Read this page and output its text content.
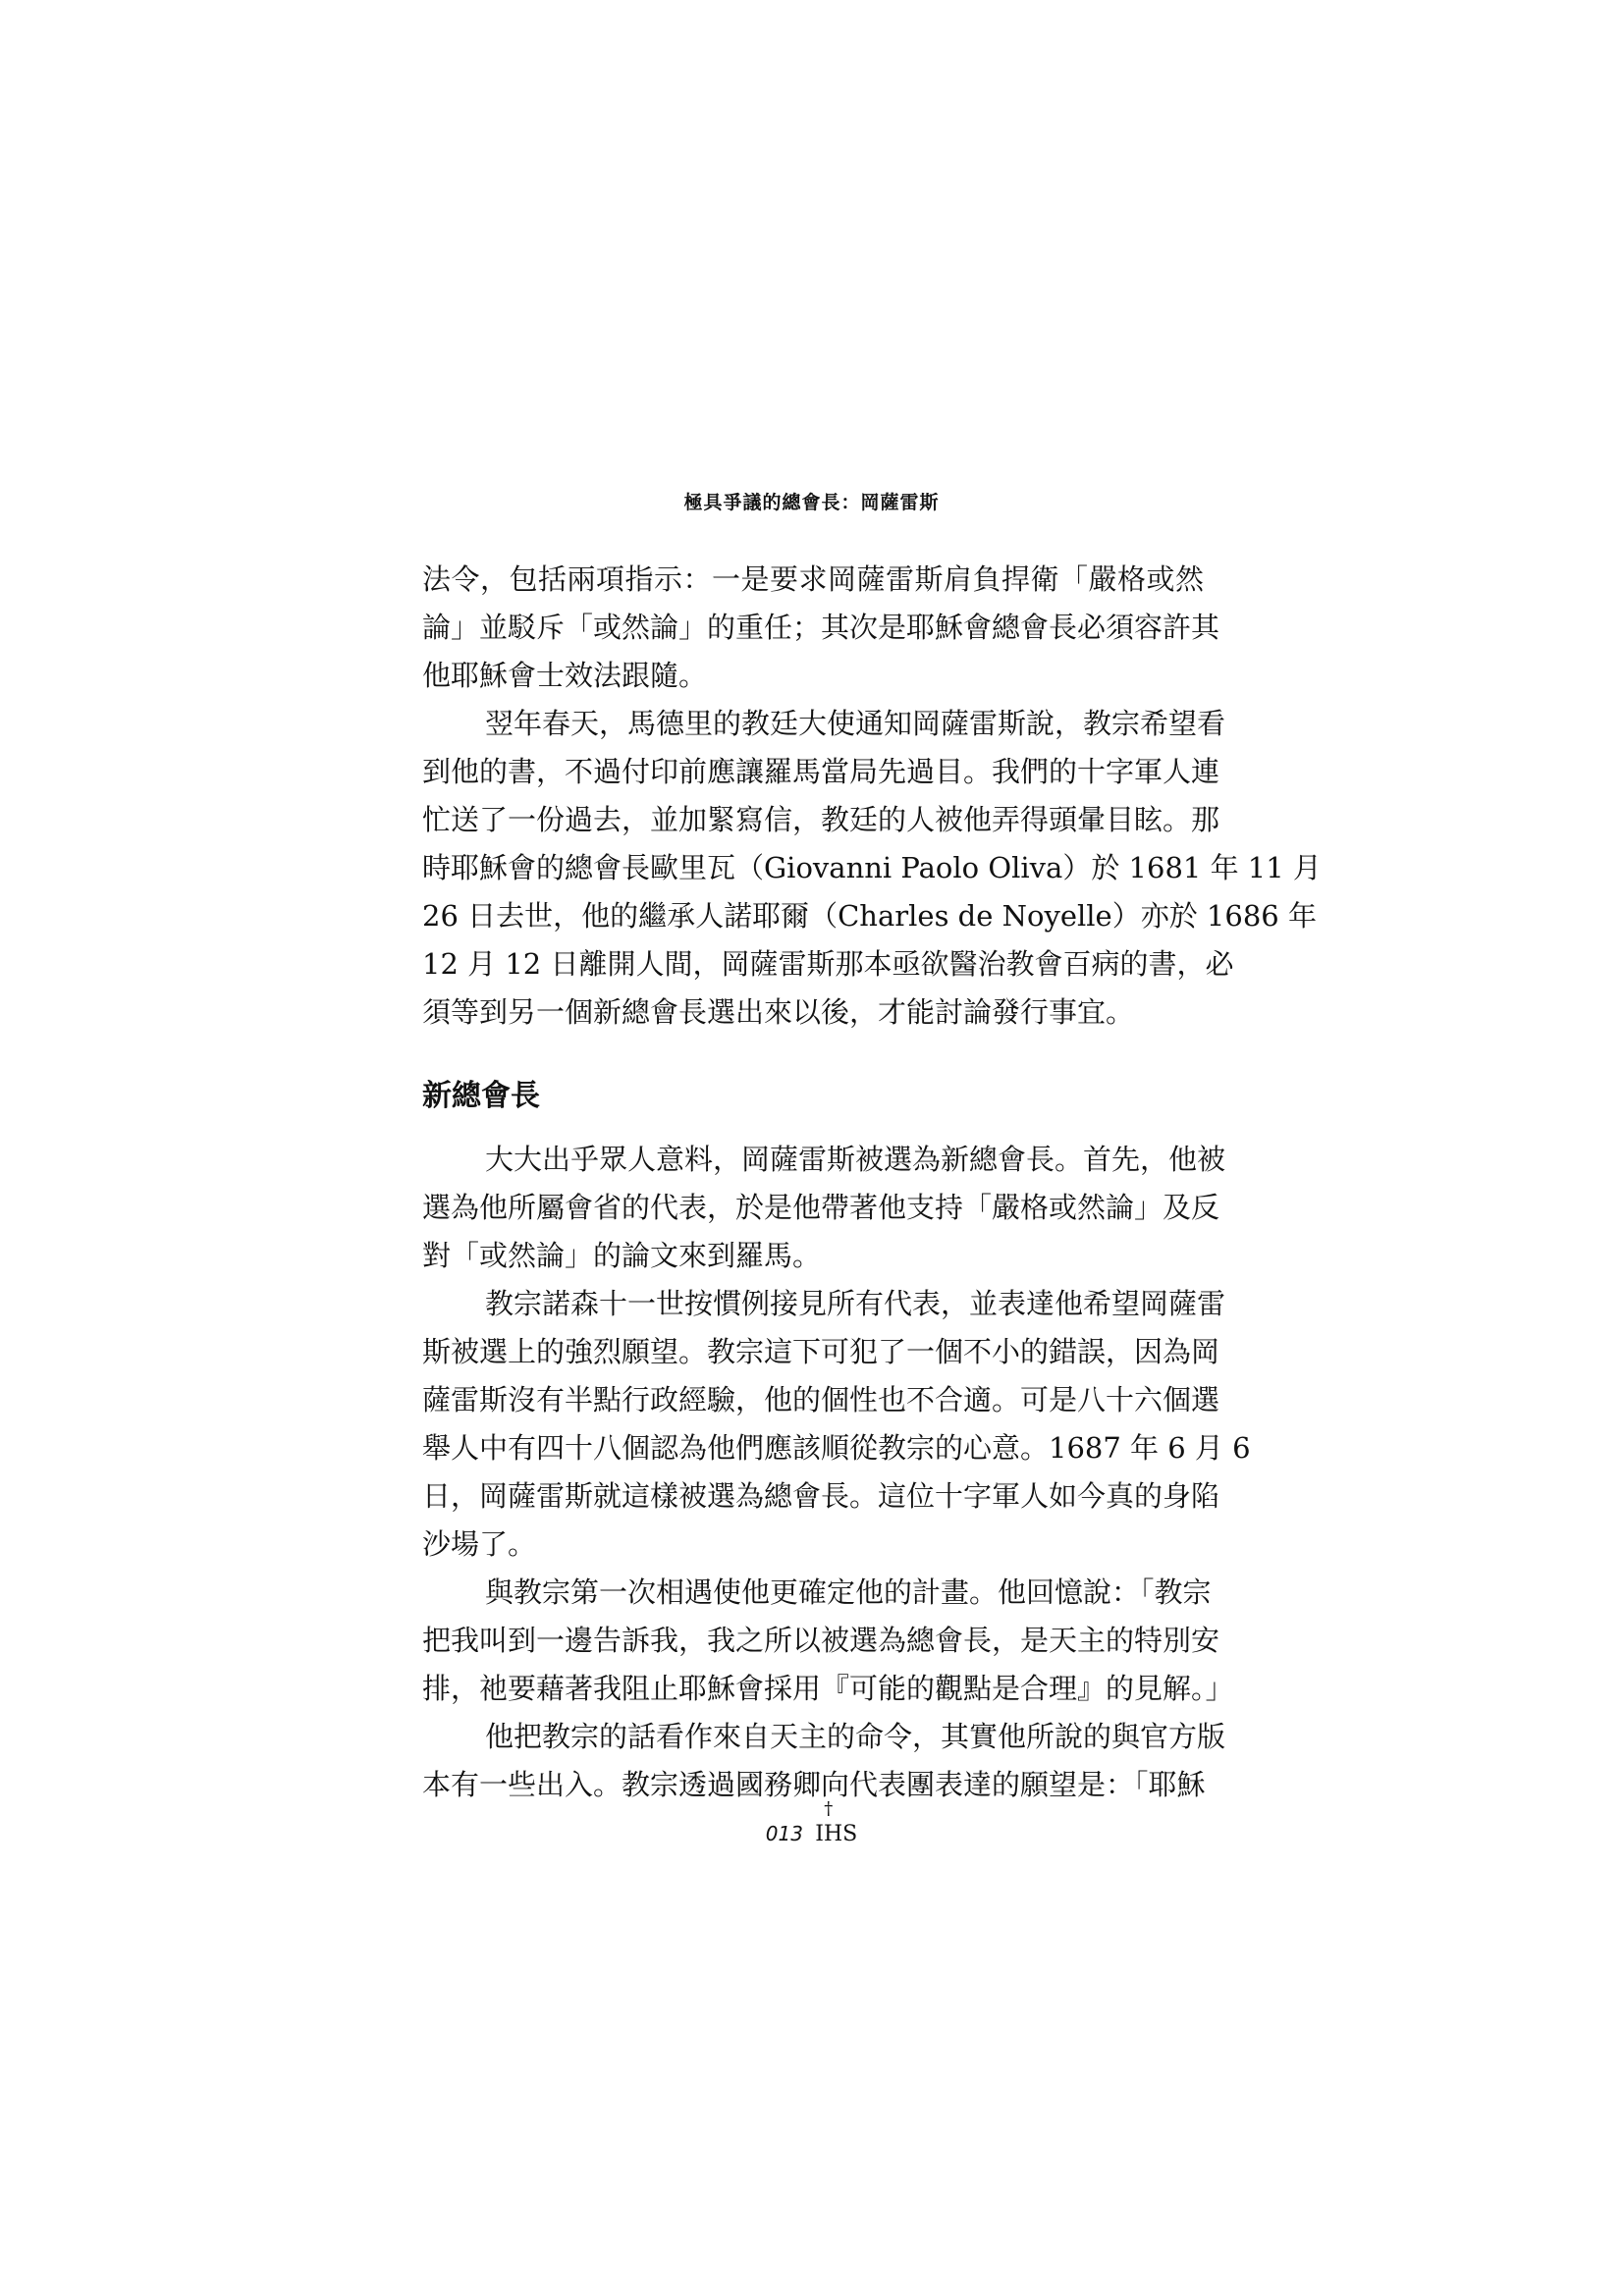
極具爭議的總會長：岡薩雷斯
法令，包括兩項指示：一是要求岡薩雷斯肩負捍衛「嚴格或然
論」並駁斥「或然論」的重任；其次是耶穌會總會長必須容許其
他耶穌會士效法跟隨。
翌年春天，馬德里的教廷大使通知岡薩雷斯說，教宗希望看
到他的書，不過付印前應讓羅馬當局先過目。我們的十字軍人連
忙送了一份過去，並加緊寫信，教廷的人被他弄得頭暈目眩。那
時耶穌會的總會長歐里瓦（Giovanni Paolo Oliva）於 1681 年 11 月
26 日去世，他的繼承人諾耶爾（Charles de Noyelle）亦於 1686 年
12 月 12 日離開人間，岡薩雷斯那本亟欲醫治教會百病的書，必
須等到另一個新總會長選出來以後，才能討論發行事宜。
新總會長
大大出乎眾人意料，岡薩雷斯被選為新總會長。首先，他被
選為他所屬會省的代表，於是他帶著他支持「嚴格或然論」及反
對「或然論」的論文來到羅馬。
教宗諾森十一世按慣例接見所有代表，並表達他希望岡薩雷
斯被選上的強烈願望。教宗這下可犯了一個不小的錯誤，因為岡
薩雷斯沒有半點行政經驗，他的個性也不合適。可是八十六個選
舉人中有四十八個認為他們應該順從教宗的心意。1687 年 6 月 6
日，岡薩雷斯就這樣被選為總會長。這位十字軍人如今真的身陷
沙場了。
與教宗第一次相遇使他更確定他的計畫。他回憶說：「教宗
把我叫到一邊告訴我，我之所以被選為總會長，是天主的特別安
排，祂要藉著我阻止耶穌會採用『可能的觀點是合理』的見解。」
他把教宗的話看作來自天主的命令，其實他所說的與官方版
本有一些出入。教宗透過國務卿向代表團表達的願望是：「耶穌
013
†
IHS
